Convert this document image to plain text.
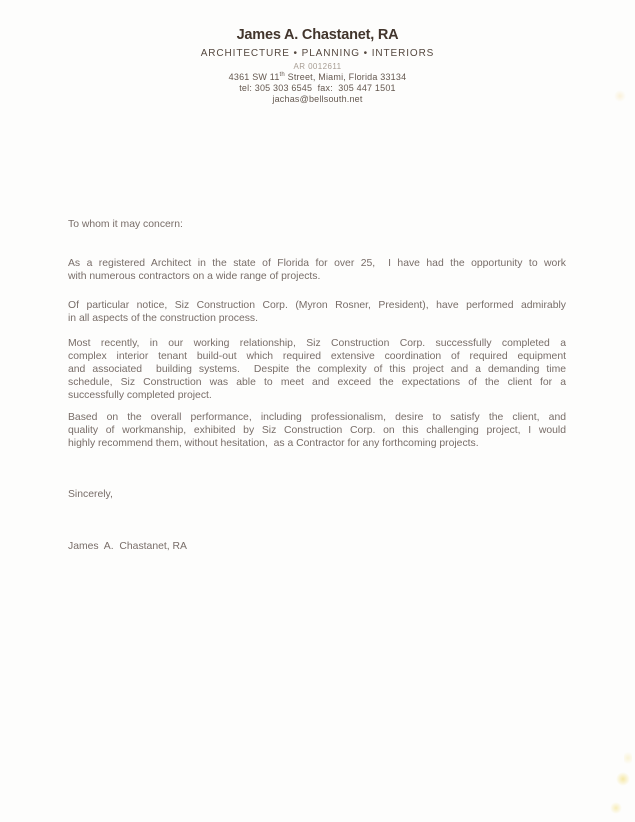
James A. Chastanet, RA
ARCHITECTURE • PLANNING • INTERIORS
AR 0012611
4361 SW 11th Street, Miami, Florida 33134
tel: 305 303 6545  fax:  305 447 1501
jachas@bellsouth.net
To whom it may concern:
As a registered Architect in the state of Florida for over 25,  I have had the opportunity to work
with numerous contractors on a wide range of projects.
Of particular notice, Siz Construction Corp. (Myron Rosner, President), have performed admirably
in all aspects of the construction process.
Most recently, in our working relationship, Siz Construction Corp. successfully completed a
complex interior tenant build-out which required extensive coordination of required equipment
and associated  building systems.  Despite the complexity of this project and a demanding time
schedule, Siz Construction was able to meet and exceed the expectations of the client for a
successfully completed project.
Based on the overall performance, including professionalism, desire to satisfy the client, and
quality of workmanship, exhibited by Siz Construction Corp. on this challenging project, I would
highly recommend them, without hesitation,  as a Contractor for any forthcoming projects.
Sincerely,
James  A.  Chastanet, RA
